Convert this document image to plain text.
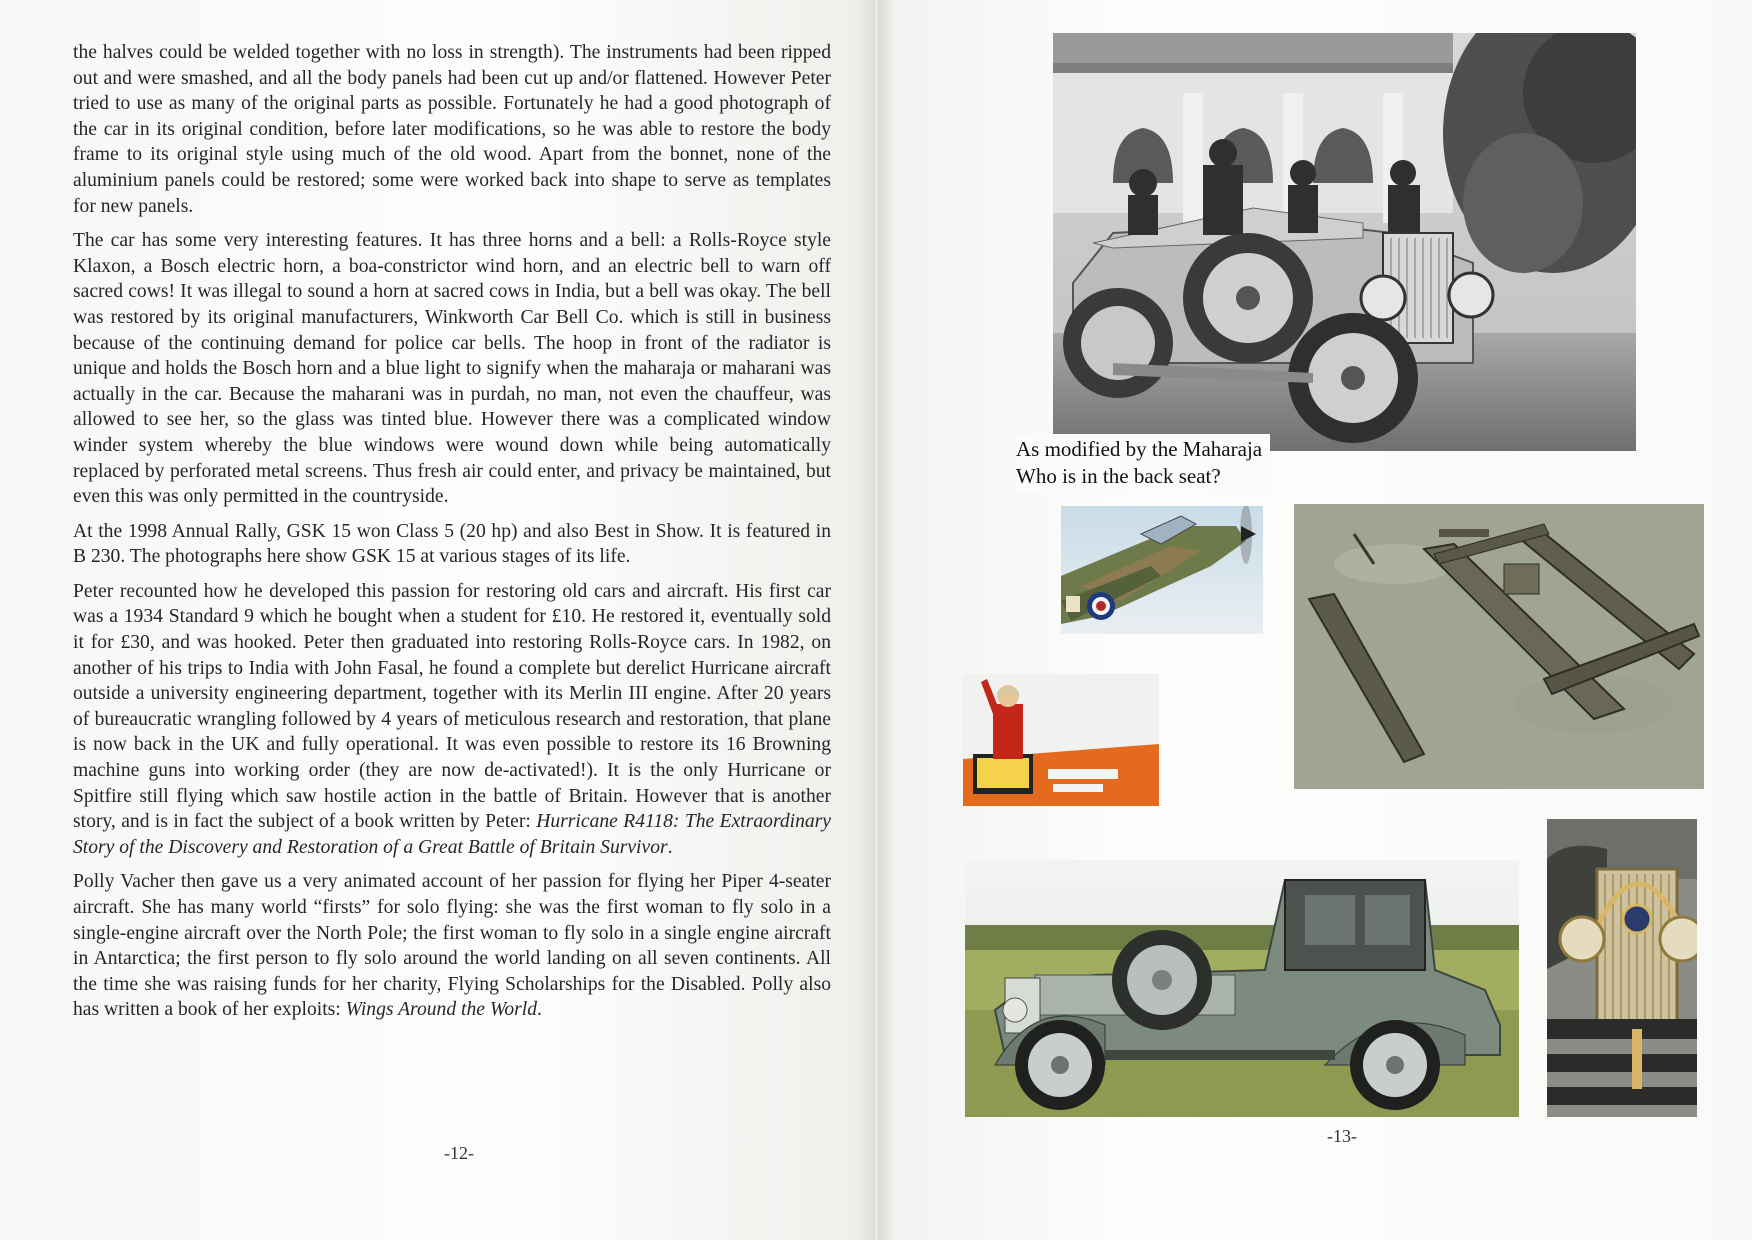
the halves could be welded together with no loss in strength). The instruments had been ripped out and were smashed, and all the body panels had been cut up and/or flattened. However Peter tried to use as many of the original parts as possible. Fortunately he had a good photograph of the car in its original condition, before later modifications, so he was able to restore the body frame to its original style using much of the old wood. Apart from the bonnet, none of the aluminium panels could be restored; some were worked back into shape to serve as templates for new panels.

The car has some very interesting features. It has three horns and a bell: a Rolls-Royce style Klaxon, a Bosch electric horn, a boa-constrictor wind horn, and an electric bell to warn off sacred cows! It was illegal to sound a horn at sacred cows in India, but a bell was okay. The bell was restored by its original manufacturers, Winkworth Car Bell Co. which is still in business because of the continuing demand for police car bells. The hoop in front of the radiator is unique and holds the Bosch horn and a blue light to signify when the maharaja or maharani was actually in the car. Because the maharani was in purdah, no man, not even the chauffeur, was allowed to see her, so the glass was tinted blue. However there was a complicated window winder system whereby the blue windows were wound down while being automatically replaced by perforated metal screens. Thus fresh air could enter, and privacy be maintained, but even this was only permitted in the countryside.

At the 1998 Annual Rally, GSK 15 won Class 5 (20 hp) and also Best in Show. It is featured in B 230. The photographs here show GSK 15 at various stages of its life.

Peter recounted how he developed this passion for restoring old cars and aircraft. His first car was a 1934 Standard 9 which he bought when a student for £10. He restored it, eventually sold it for £30, and was hooked. Peter then graduated into restoring Rolls-Royce cars. In 1982, on another of his trips to India with John Fasal, he found a complete but derelict Hurricane aircraft outside a university engineering department, together with its Merlin III engine. After 20 years of bureaucratic wrangling followed by 4 years of meticulous research and restoration, that plane is now back in the UK and fully operational. It was even possible to restore its 16 Browning machine guns into working order (they are now de-activated!). It is the only Hurricane or Spitfire still flying which saw hostile action in the battle of Britain. However that is another story, and is in fact the subject of a book written by Peter: Hurricane R4118: The Extraordinary Story of the Discovery and Restoration of a Great Battle of Britain Survivor.

Polly Vacher then gave us a very animated account of her passion for flying her Piper 4-seater aircraft. She has many world “firsts” for solo flying: she was the first woman to fly solo in a single-engine aircraft over the North Pole; the first woman to fly solo in a single engine aircraft in Antarctica; the first person to fly solo around the world landing on all seven continents. All the time she was raising funds for her charity, Flying Scholarships for the Disabled. Polly also has written a book of her exploits: Wings Around the World.

-12-
As modified by the Maharaja
Who is in the back seat?
-13-
